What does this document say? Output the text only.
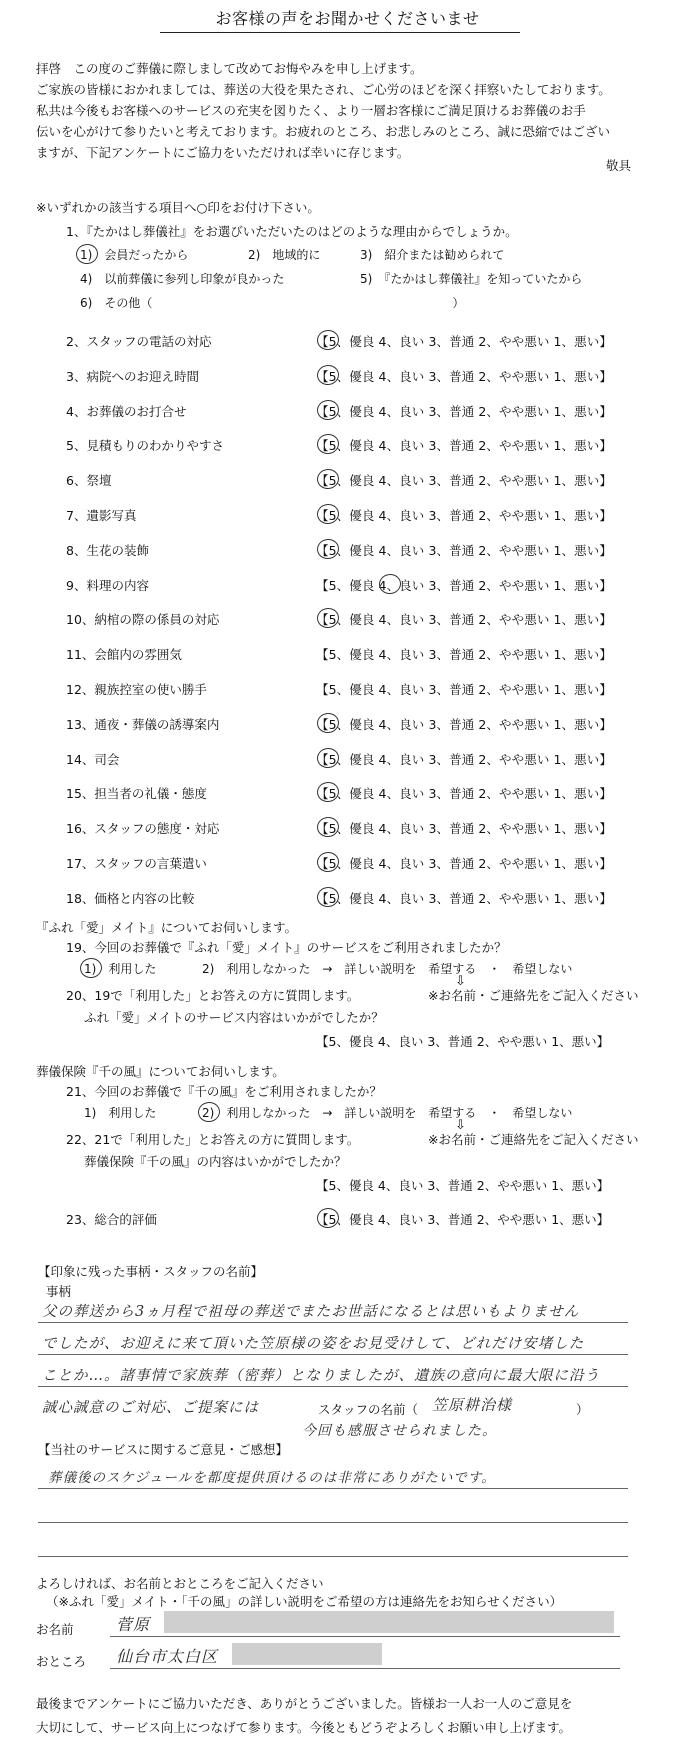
お客様の声をお聞かせくださいませ

拝啓　この度のご葬儀に際しまして改めてお悔やみを申し上げます。

ご家族の皆様におかれましては、葬送の大役を果たされ、ご心労のほどを深く拝察いたしております。

私共は今後もお客様へのサービスの充実を図りたく、より一層お客様にご満足頂けるお葬儀のお手

伝いを心がけて参りたいと考えております。お疲れのところ、お悲しみのところ、誠に恐縮ではござい

ますが、下記アンケートにご協力をいただければ幸いに存じます。

敬具
※いずれかの該当する項目へ○印をお付け下さい。
1、『たかはし葬儀社』をお選びいただいたのはどのような理由からでしょうか。
1)　会員だったから	2)　地域的に	3)　紹介または勧められて
4)　以前葬儀に参列し印象が良かった	5)　『たかはし葬儀社』を知っていたから
6)　その他（　　　　　　　　　　　　　　　　　　　　　　　　　）
2、スタッフの電話の対応	【5、優良 4、良い 3、普通 2、やや悪い 1、悪い】
3、病院へのお迎え時間	【5、優良 4、良い 3、普通 2、やや悪い 1、悪い】
4、お葬儀のお打合せ	【5、優良 4、良い 3、普通 2、やや悪い 1、悪い】
5、見積もりのわかりやすさ	【5、優良 4、良い 3、普通 2、やや悪い 1、悪い】
6、祭壇	【5、優良 4、良い 3、普通 2、やや悪い 1、悪い】
7、遺影写真	【5、優良 4、良い 3、普通 2、やや悪い 1、悪い】
8、生花の装飾	【5、優良 4、良い 3、普通 2、やや悪い 1、悪い】
9、料理の内容	【5、優良 4、良い 3、普通 2、やや悪い 1、悪い】
10、納棺の際の係員の対応	【5、優良 4、良い 3、普通 2、やや悪い 1、悪い】
11、会館内の雰囲気	【5、優良 4、良い 3、普通 2、やや悪い 1、悪い】
12、親族控室の使い勝手	【5、優良 4、良い 3、普通 2、やや悪い 1、悪い】
13、通夜・葬儀の誘導案内	【5、優良 4、良い 3、普通 2、やや悪い 1、悪い】
14、司会	【5、優良 4、良い 3、普通 2、やや悪い 1、悪い】
15、担当者の礼儀・態度	【5、優良 4、良い 3、普通 2、やや悪い 1、悪い】
16、スタッフの態度・対応	【5、優良 4、良い 3、普通 2、やや悪い 1、悪い】
17、スタッフの言葉遣い	【5、優良 4、良い 3、普通 2、やや悪い 1、悪い】
18、価格と内容の比較	【5、優良 4、良い 3、普通 2、やや悪い 1、悪い】
『ふれ「愛」メイト』についてお伺いします。
19、今回のお葬儀で『ふれ「愛」メイト』のサービスをご利用されましたか？
1)　利用した	2)　利用しなかった　→　詳しい説明を　希望する　・　希望しない
⇩
20、19で「利用した」とお答えの方に質問します。	※お名前・ご連絡先をご記入ください
ふれ「愛」メイトのサービス内容はいかがでしたか？
【5、優良 4、良い 3、普通 2、やや悪い 1、悪い】
葬儀保険『千の風』についてお伺いします。
21、今回のお葬儀で『千の風』をご利用されましたか？
1)　利用した	2)　利用しなかった　→　詳しい説明を　希望する　・　希望しない
⇩
22、21で「利用した」とお答えの方に質問します。	※お名前・ご連絡先をご記入ください
葬儀保険『千の風』の内容はいかがでしたか？
【5、優良 4、良い 3、普通 2、やや悪い 1、悪い】
23、総合的評価	【5、優良 4、良い 3、普通 2、やや悪い 1、悪い】
【印象に残った事柄・スタッフの名前】
事柄
父の葬送から3ヵ月程で祖母の葬送でまたお世話になるとは思いもよりません
でしたが、お迎えに来て頂いた笠原様の姿をお見受けして、どれだけ安堵した
ことか…。諸事情で家族葬（密葬）となりましたが、遺族の意向に最大限に沿う
誠心誠意のご対応、ご提案には	スタッフの名前（ 笠原耕治様	）
今回も感服させられました。
【当社のサービスに関するご意見・ご感想】
葬儀後のスケジュールを都度提供頂けるのは非常にありがたいです。
よろしければ、お名前とおところをご記入ください
（※ふれ「愛」メイト・「千の風」の詳しい説明をご希望の方は連絡先をお知らせください）
お名前	菅原
おところ 仙台市太白区
最後までアンケートにご協力いただき、ありがとうございました。皆様お一人お一人のご意見を
大切にして、サービス向上につなげて参ります。今後ともどうぞよろしくお願い申し上げます。
